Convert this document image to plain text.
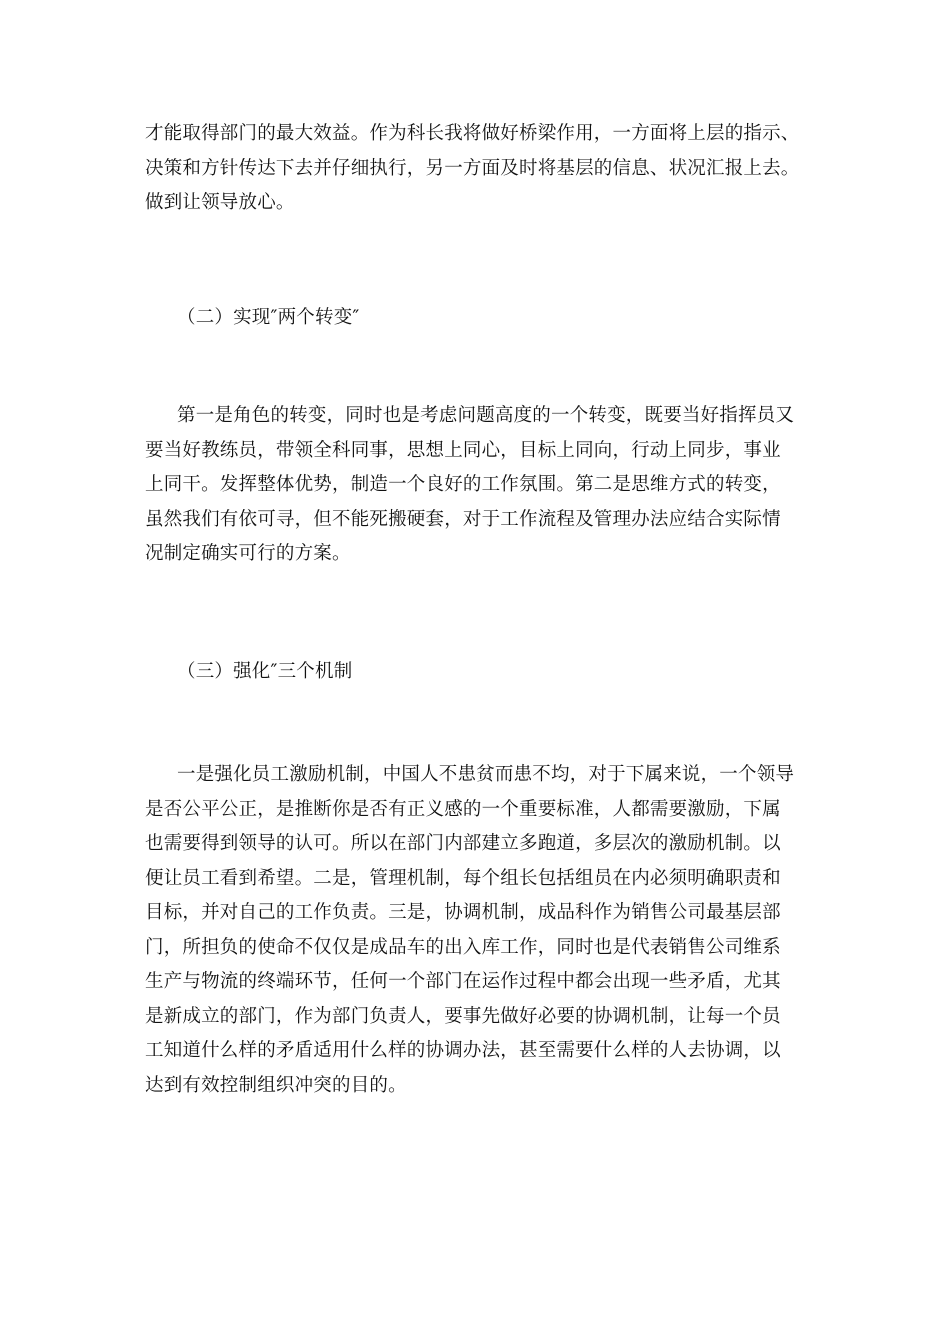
才能取得部门的最大效益。作为科长我将做好桥梁作用，一方面将上层的指示、
决策和方针传达下去并仔细执行，另一方面及时将基层的信息、状况汇报上去。
做到让领导放心。
（二）实现″两个转变″
第一是角色的转变，同时也是考虑问题高度的一个转变，既要当好指挥员又
要当好教练员，带领全科同事，思想上同心，目标上同向，行动上同步，事业
上同干。发挥整体优势，制造一个良好的工作氛围。第二是思维方式的转变，
虽然我们有依可寻，但不能死搬硬套，对于工作流程及管理办法应结合实际情
况制定确实可行的方案。
（三）强化″三个机制
一是强化员工激励机制，中国人不患贫而患不均，对于下属来说，一个领导
是否公平公正，是推断你是否有正义感的一个重要标准，人都需要激励，下属
也需要得到领导的认可。所以在部门内部建立多跑道，多层次的激励机制。以
便让员工看到希望。二是，管理机制，每个组长包括组员在内必须明确职责和
目标，并对自己的工作负责。三是，协调机制，成品科作为销售公司最基层部
门，所担负的使命不仅仅是成品车的出入库工作，同时也是代表销售公司维系
生产与物流的终端环节，任何一个部门在运作过程中都会出现一些矛盾，尤其
是新成立的部门，作为部门负责人，要事先做好必要的协调机制，让每一个员
工知道什么样的矛盾适用什么样的协调办法，甚至需要什么样的人去协调，以
达到有效控制组织冲突的目的。
